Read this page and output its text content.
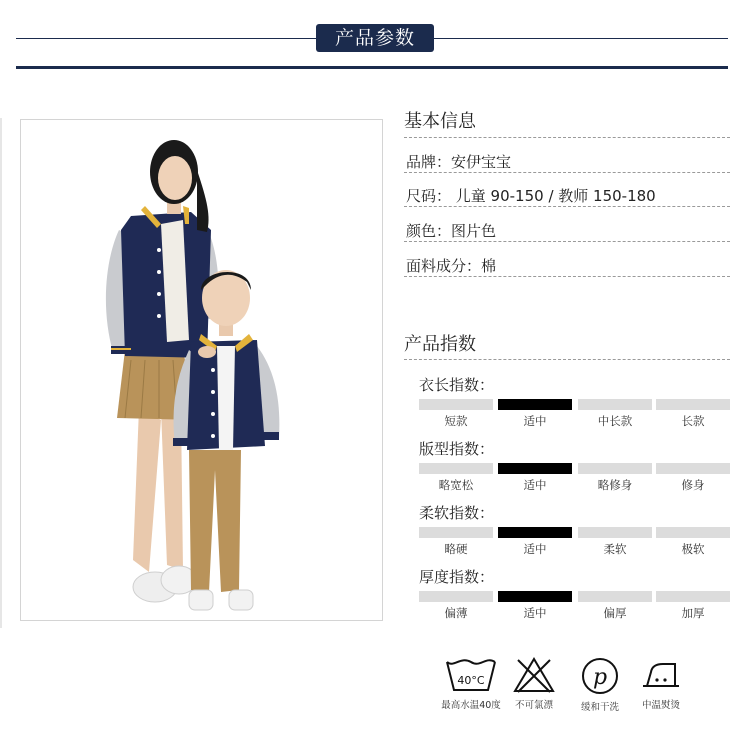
产品参数
基本信息
品牌：安伊宝宝
尺码： 儿童 90-150 / 教师 150-180
颜色：图片色
面料成分：棉
产品指数
衣长指数：
短款	适中	中长款	长款
版型指数：
略宽松	适中	略修身	修身
柔软指数：
略硬	适中	柔软	极软
厚度指数：
偏薄	适中	偏厚	加厚
40°C
最高水温40度	不可氯漂
p
缓和干洗	中温熨烫
